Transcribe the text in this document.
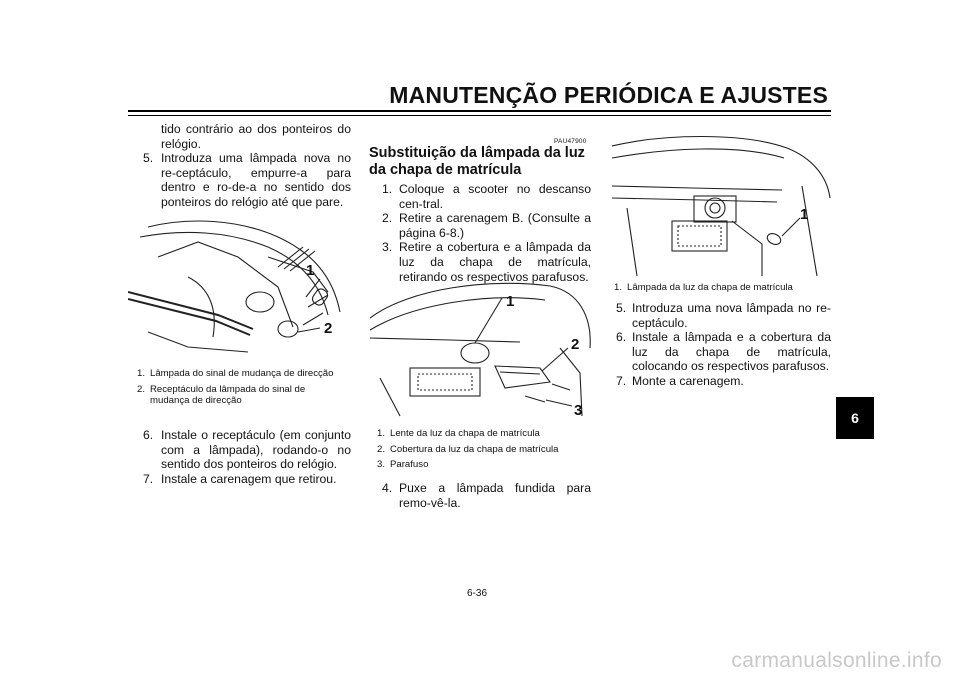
MANUTENÇÃO PERIÓDICA E AJUSTES
6

tido contrário ao dos ponteiros do relógio.

5. Introduza uma lâmpada nova no re-ceptáculo, empurre-a para dentro e ro-de-a no sentido dos ponteiros do relógio até que pare.
1
2
1. Lâmpada do sinal de mudança de direcção
2. Receptáculo da lâmpada do sinal de mudança de direcção
6. Instale o receptáculo (em conjunto com a lâmpada), rodando-o no sentido dos ponteiros do relógio.
7. Instale a carenagem que retirou.
PAU47900
Substituição da lâmpada da luz da chapa de matrícula
1. Coloque a scooter no descanso cen-tral.
2. Retire a carenagem B. (Consulte a página 6-8.)
3. Retire a cobertura e a lâmpada da luz da chapa de matrícula, retirando os respectivos parafusos.
1
2
3
1. Lente da luz da chapa de matrícula
2. Cobertura da luz da chapa de matrícula
3. Parafuso
4. Puxe a lâmpada fundida para remo-vê-la.
1
1. Lâmpada da luz da chapa de matrícula
5. Introduza uma nova lâmpada no re-ceptáculo.
6. Instale a lâmpada e a cobertura da luz da chapa de matrícula, colocando os respectivos parafusos.
7. Monte a carenagem.
6-36
carmanualsonline.info
